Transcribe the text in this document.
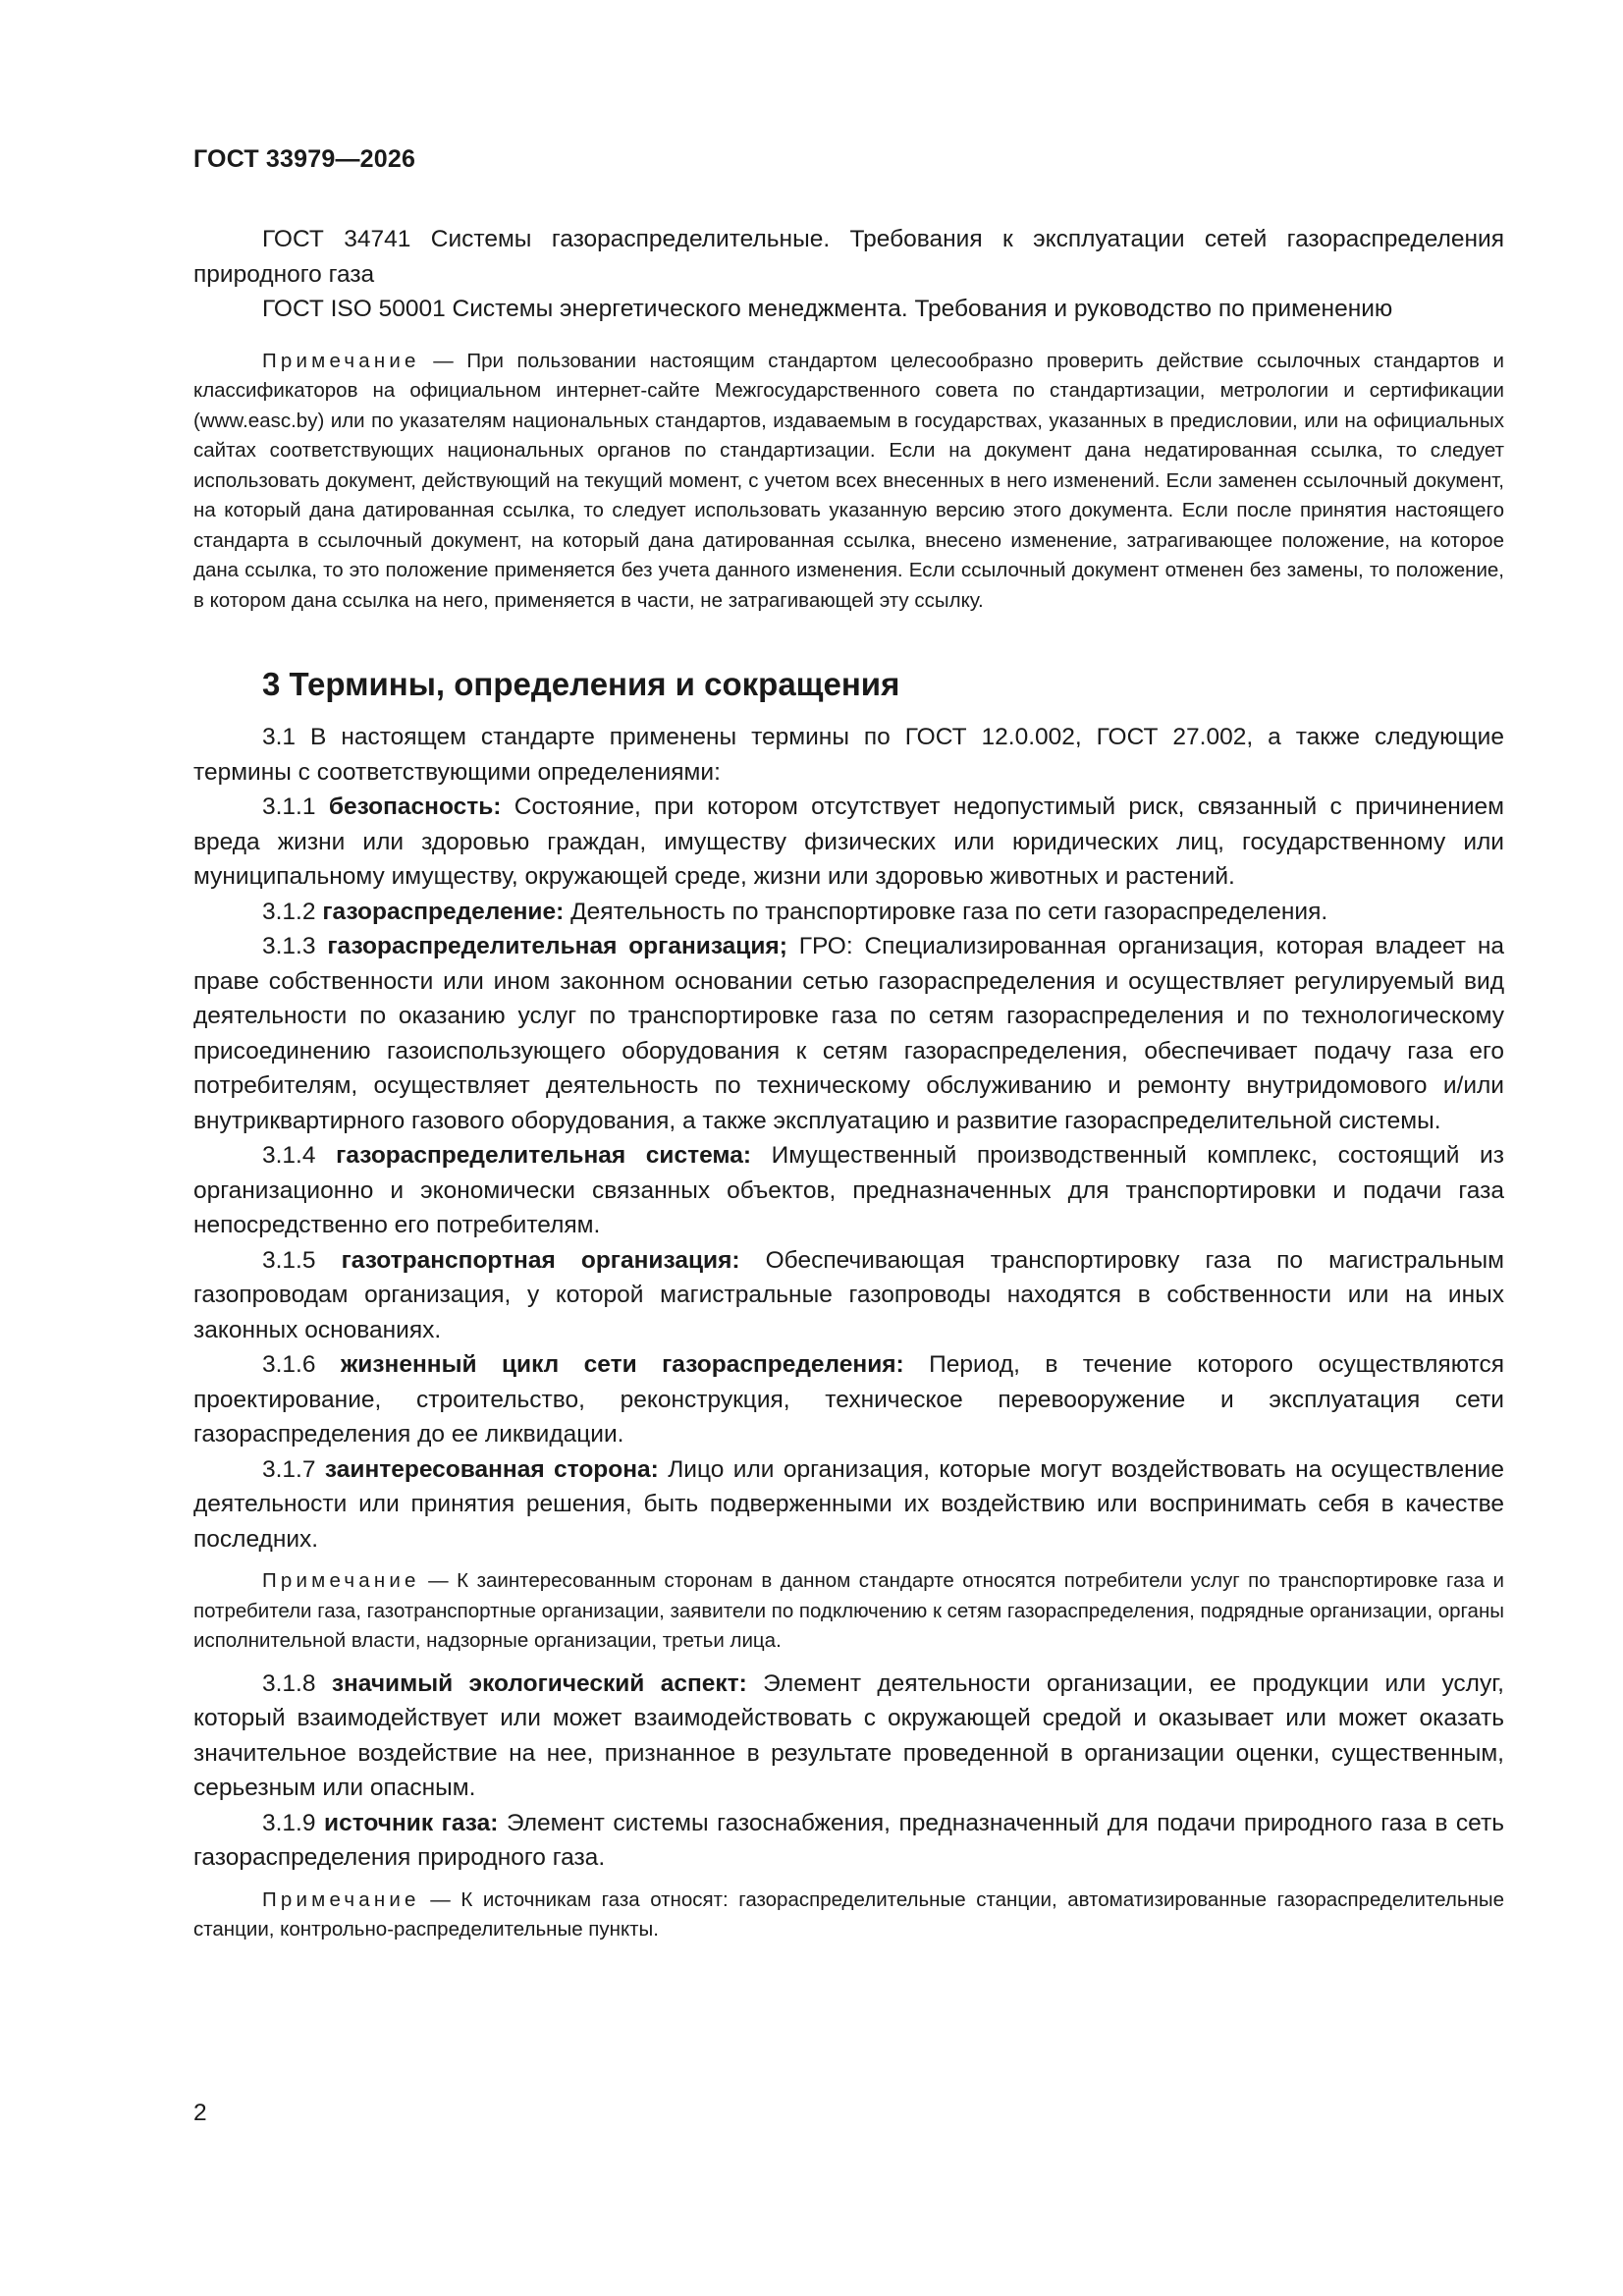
ГОСТ 33979—2026

ГОСТ 34741 Системы газораспределительные. Требования к эксплуатации сетей газораспределения природного газа

ГОСТ ISO 50001 Системы энергетического менеджмента. Требования и руководство по применению

Примечание — При пользовании настоящим стандартом целесообразно проверить действие ссылочных стандартов и классификаторов на официальном интернет-сайте Межгосударственного совета по стандартизации, метрологии и сертификации (www.easc.by) или по указателям национальных стандартов, издаваемым в государствах, указанных в предисловии, или на официальных сайтах соответствующих национальных органов по стандартизации. Если на документ дана недатированная ссылка, то следует использовать документ, действующий на текущий момент, с учетом всех внесенных в него изменений. Если заменен ссылочный документ, на который дана датированная ссылка, то следует использовать указанную версию этого документа. Если после принятия настоящего стандарта в ссылочный документ, на который дана датированная ссылка, внесено изменение, затрагивающее положение, на которое дана ссылка, то это положение применяется без учета данного изменения. Если ссылочный документ отменен без замены, то положение, в котором дана ссылка на него, применяется в части, не затрагивающей эту ссылку.

3 Термины, определения и сокращения

3.1 В настоящем стандарте применены термины по ГОСТ 12.0.002, ГОСТ 27.002, а также следующие термины с соответствующими определениями:

3.1.1 безопасность: Состояние, при котором отсутствует недопустимый риск, связанный с причинением вреда жизни или здоровью граждан, имуществу физических или юридических лиц, государственному или муниципальному имуществу, окружающей среде, жизни или здоровью животных и растений.

3.1.2 газораспределение: Деятельность по транспортировке газа по сети газораспределения.

3.1.3 газораспределительная организация; ГРО: Специализированная организация, которая владеет на праве собственности или ином законном основании сетью газораспределения и осуществляет регулируемый вид деятельности по оказанию услуг по транспортировке газа по сетям газораспределения и по технологическому присоединению газоиспользующего оборудования к сетям газораспределения, обеспечивает подачу газа его потребителям, осуществляет деятельность по техническому обслуживанию и ремонту внутридомового и/или внутриквартирного газового оборудования, а также эксплуатацию и развитие газораспределительной системы.

3.1.4 газораспределительная система: Имущественный производственный комплекс, состоящий из организационно и экономически связанных объектов, предназначенных для транспортировки и подачи газа непосредственно его потребителям.

3.1.5 газотранспортная организация: Обеспечивающая транспортировку газа по магистральным газопроводам организация, у которой магистральные газопроводы находятся в собственности или на иных законных основаниях.

3.1.6 жизненный цикл сети газораспределения: Период, в течение которого осуществляются проектирование, строительство, реконструкция, техническое перевооружение и эксплуатация сети газораспределения до ее ликвидации.

3.1.7 заинтересованная сторона: Лицо или организация, которые могут воздействовать на осуществление деятельности или принятия решения, быть подверженными их воздействию или воспринимать себя в качестве последних.

Примечание — К заинтересованным сторонам в данном стандарте относятся потребители услуг по транспортировке газа и потребители газа, газотранспортные организации, заявители по подключению к сетям газораспределения, подрядные организации, органы исполнительной власти, надзорные организации, третьи лица.

3.1.8 значимый экологический аспект: Элемент деятельности организации, ее продукции или услуг, который взаимодействует или может взаимодействовать с окружающей средой и оказывает или может оказать значительное воздействие на нее, признанное в результате проведенной в организации оценки, существенным, серьезным или опасным.

3.1.9 источник газа: Элемент системы газоснабжения, предназначенный для подачи природного газа в сеть газораспределения природного газа.

Примечание — К источникам газа относят: газораспределительные станции, автоматизированные газораспределительные станции, контрольно-распределительные пункты.

2
